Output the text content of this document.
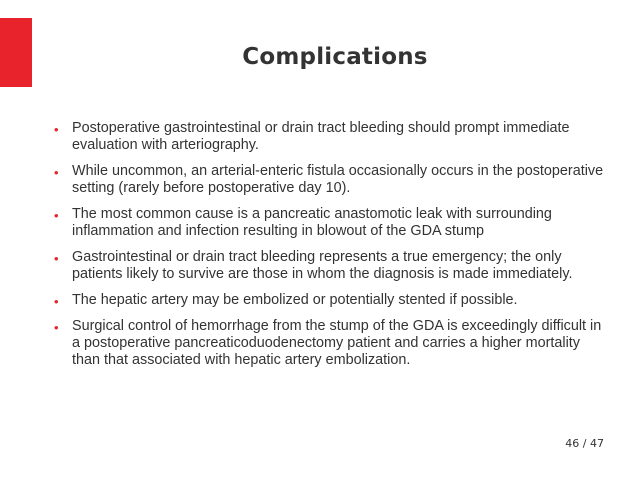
Complications
• Postoperative gastrointestinal or drain tract bleeding should prompt immediate evaluation with arteriography.
• While uncommon, an arterial-enteric fistula occasionally occurs in the postoperative setting (rarely before postoperative day 10).
• The most common cause is a pancreatic anastomotic leak with surrounding inflammation and infection resulting in blowout of the GDA stump
• Gastrointestinal or drain tract bleeding represents a true emergency; the only patients likely to survive are those in whom the diagnosis is made immediately.
• The hepatic artery may be embolized or potentially stented if possible.
• Surgical control of hemorrhage from the stump of the GDA is exceedingly difficult in a postoperative pancreaticoduodenectomy patient and carries a higher mortality than that associated with hepatic artery embolization.
46 / 47
